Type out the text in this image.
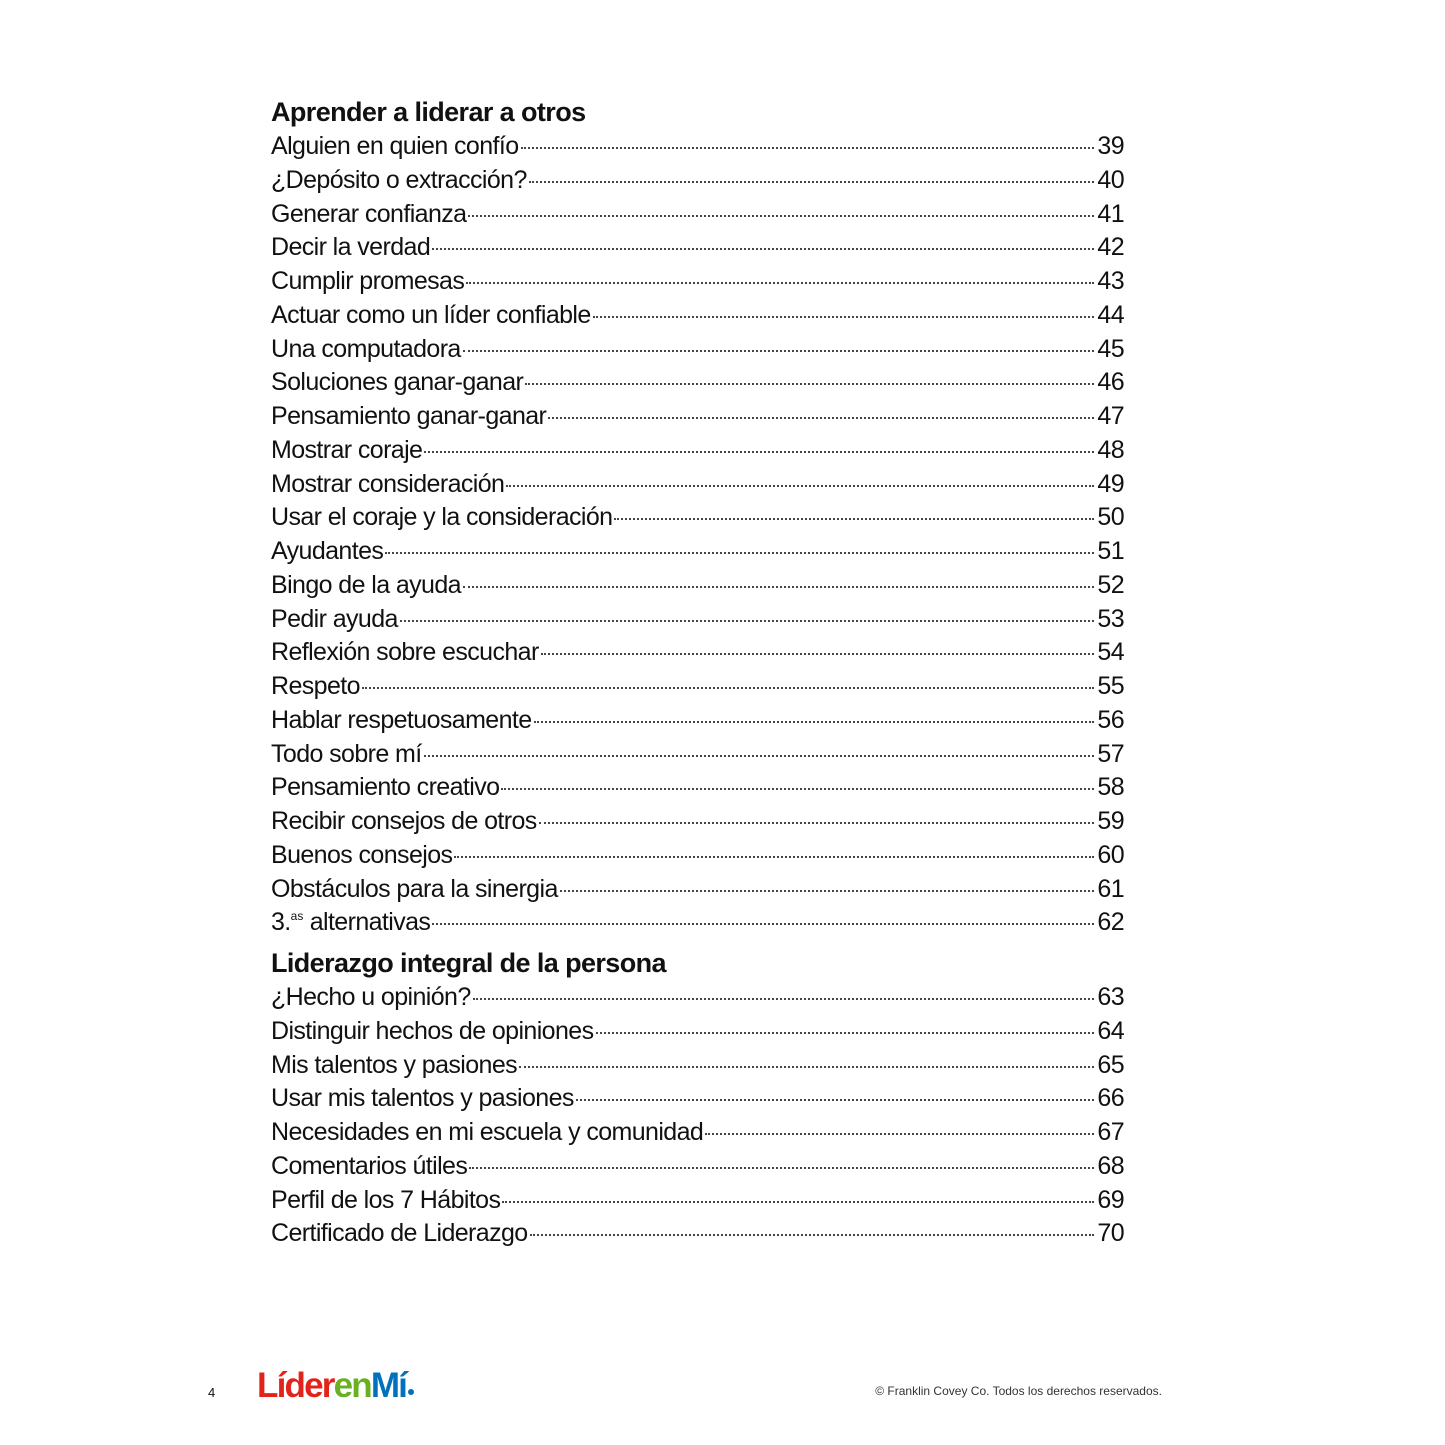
Aprender a liderar a otros
Alguien en quien confío	39
¿Depósito o extracción?	40
Generar confianza	41
Decir la verdad	42
Cumplir promesas	43
Actuar como un líder confiable	44
Una computadora	45
Soluciones ganar-ganar	46
Pensamiento ganar-ganar	47
Mostrar coraje	48
Mostrar consideración	49
Usar el coraje y la consideración	50
Ayudantes	51
Bingo de la ayuda	52
Pedir ayuda	53
Reflexión sobre escuchar	54
Respeto	55
Hablar respetuosamente	56
Todo sobre mí	57
Pensamiento creativo	58
Recibir consejos de otros	59
Buenos consejos	60
Obstáculos para la sinergia	61
3.$^{as}$ alternativas	62
Liderazgo integral de la persona
¿Hecho u opinión?	63
Distinguir hechos de opiniones	64
Mis talentos y pasiones	65
Usar mis talentos y pasiones	66
Necesidades en mi escuela y comunidad	67
Comentarios útiles	68
Perfil de los 7 Hábitos	69
Certificado de Liderazgo	70
4 LíderenMí	© Franklin Covey Co. Todos los derechos reservados.
